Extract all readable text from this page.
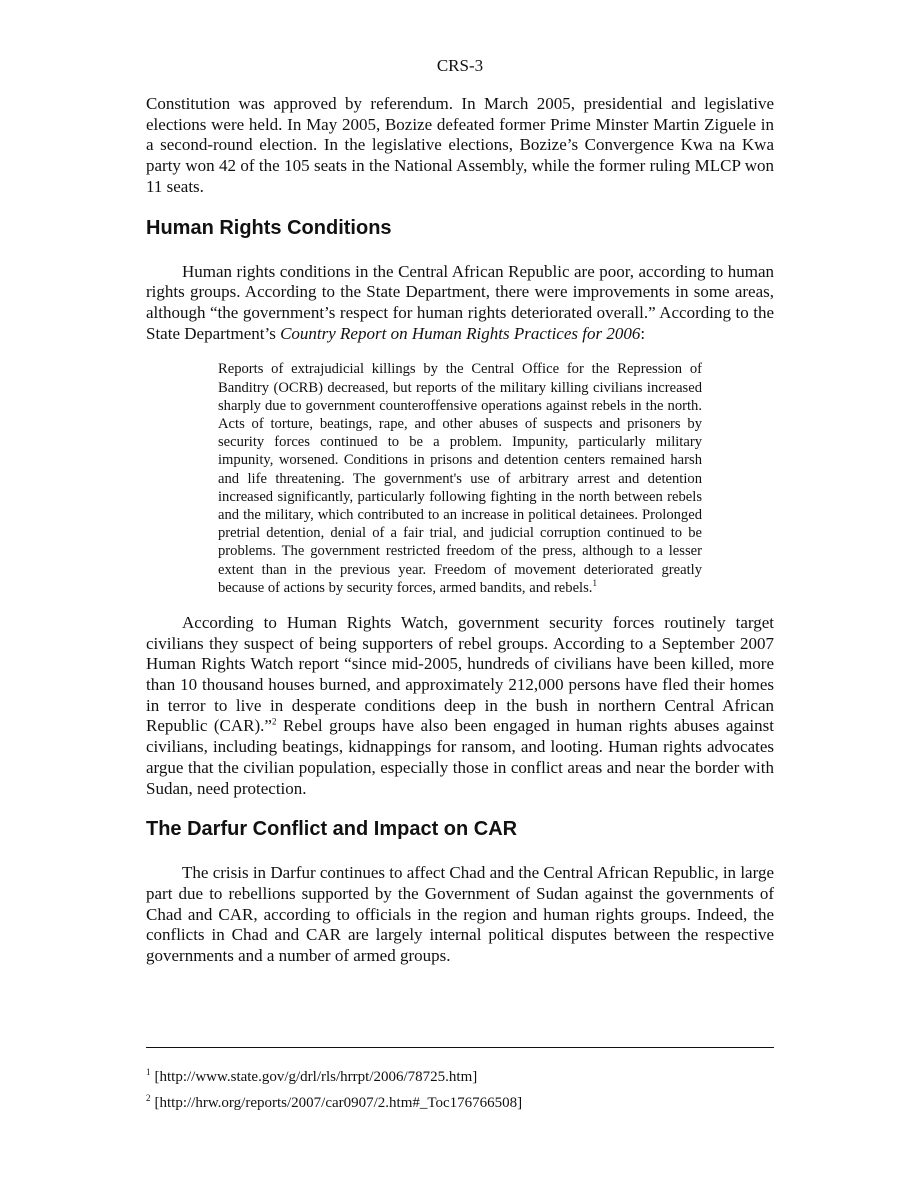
CRS-3

Constitution was approved by referendum. In March 2005, presidential and legislative elections were held. In May 2005, Bozize defeated former Prime Minster Martin Ziguele in a second-round election. In the legislative elections, Bozize’s Convergence Kwa na Kwa party won 42 of the 105 seats in the National Assembly, while the former ruling MLCP won 11 seats.

Human Rights Conditions

Human rights conditions in the Central African Republic are poor, according to human rights groups. According to the State Department, there were improvements in some areas, although “the government’s respect for human rights deteriorated overall.” According to the State Department’s Country Report on Human Rights Practices for 2006:

Reports of extrajudicial killings by the Central Office for the Repression of Banditry (OCRB) decreased, but reports of the military killing civilians increased sharply due to government counteroffensive operations against rebels in the north. Acts of torture, beatings, rape, and other abuses of suspects and prisoners by security forces continued to be a problem. Impunity, particularly military impunity, worsened. Conditions in prisons and detention centers remained harsh and life threatening. The government's use of arbitrary arrest and detention increased significantly, particularly following fighting in the north between rebels and the military, which contributed to an increase in political detainees. Prolonged pretrial detention, denial of a fair trial, and judicial corruption continued to be problems. The government restricted freedom of the press, although to a lesser extent than in the previous year. Freedom of movement deteriorated greatly because of actions by security forces, armed bandits, and rebels.$^1$

According to Human Rights Watch, government security forces routinely target civilians they suspect of being supporters of rebel groups. According to a September 2007 Human Rights Watch report “since mid-2005, hundreds of civilians have been killed, more than 10 thousand houses burned, and approximately 212,000 persons have fled their homes in terror to live in desperate conditions deep in the bush in northern Central African Republic (CAR).”$^2$ Rebel groups have also been engaged in human rights abuses against civilians, including beatings, kidnappings for ransom, and looting. Human rights advocates argue that the civilian population, especially those in conflict areas and near the border with Sudan, need protection.

The Darfur Conflict and Impact on CAR

The crisis in Darfur continues to affect Chad and the Central African Republic, in large part due to rebellions supported by the Government of Sudan against the governments of Chad and CAR, according to officials in the region and human rights groups. Indeed, the conflicts in Chad and CAR are largely internal political disputes between the respective governments and a number of armed groups.

$^1$ [http://www.state.gov/g/drl/rls/hrrpt/2006/78725.htm]
$^2$ [http://hrw.org/reports/2007/car0907/2.htm#_Toc176766508]
